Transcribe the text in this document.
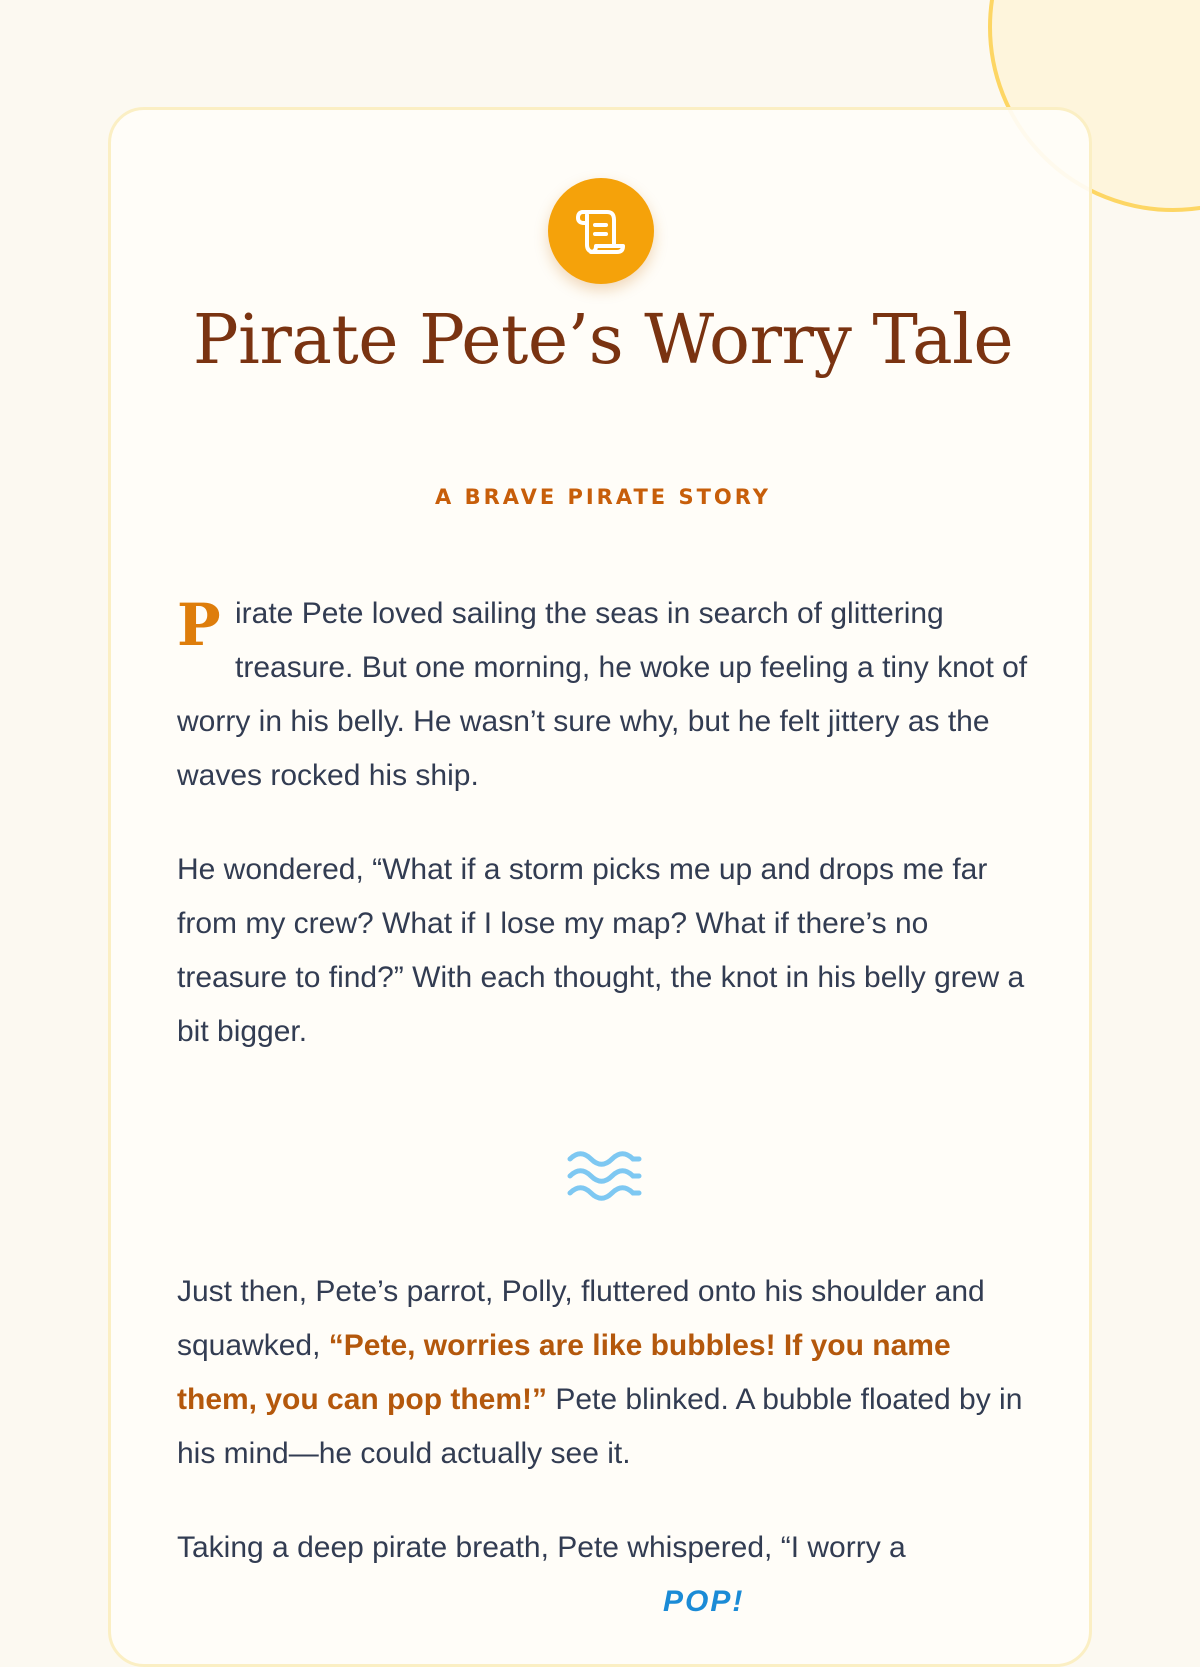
Pirate Pete’s Worry Tale
A BRAVE PIRATE STORY

Pirate Pete loved sailing the seas in search of glittering treasure. But one morning, he woke up feeling a tiny knot of worry in his belly. He wasn’t sure why, but he felt jittery as the waves rocked his ship.

He wondered, “What if a storm picks me up and drops me far from my crew? What if I lose my map? What if there’s no treasure to find?” With each thought, the knot in his belly grew a bit bigger.

Just then, Pete’s parrot, Polly, fluttered onto his shoulder and squawked, “Pete, worries are like bubbles! If you name them, you can pop them!” Pete blinked. A bubble floated by in his mind—he could actually see it.

Taking a deep pirate breath, Pete whispered, “I worry a
POP!
